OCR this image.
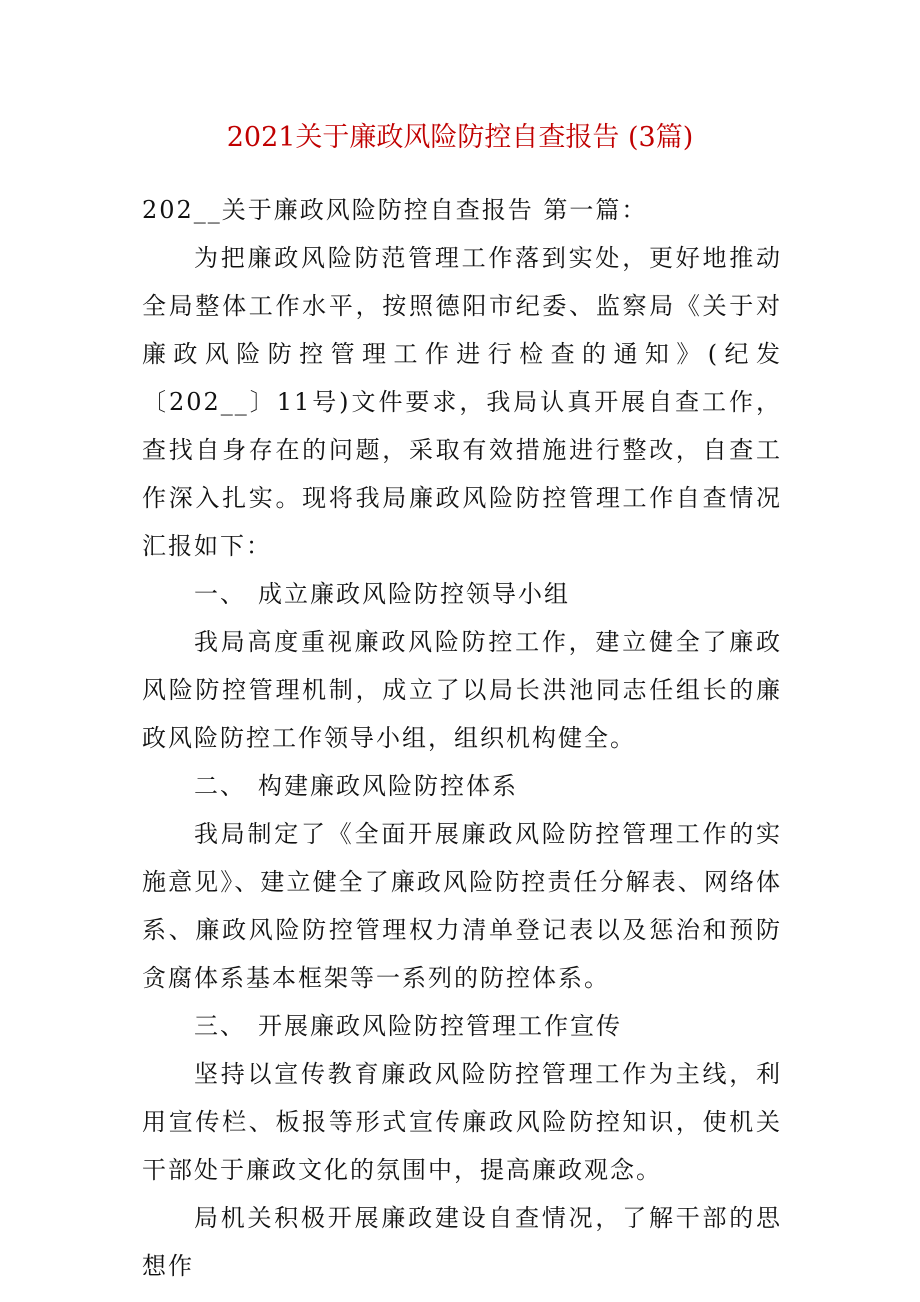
2021关于廉政风险防控自查报告 (3篇)

202__关于廉政风险防控自查报告 第一篇：

为把廉政风险防范管理工作落到实处，更好地推动全局整体工作水平，按照德阳市纪委、监察局《关于对廉政风险防控管理工作进行检查的通知》(纪发〔202__〕11号)文件要求，我局认真开展自查工作，查找自身存在的问题，采取有效措施进行整改，自查工作深入扎实。现将我局廉政风险防控管理工作自查情况汇报如下：

一、 成立廉政风险防控领导小组

我局高度重视廉政风险防控工作，建立健全了廉政风险防控管理机制，成立了以局长洪池同志任组长的廉政风险防控工作领导小组，组织机构健全。

二、 构建廉政风险防控体系

我局制定了《全面开展廉政风险防控管理工作的实施意见》、建立健全了廉政风险防控责任分解表、网络体系、廉政风险防控管理权力清单登记表以及惩治和预防贪腐体系基本框架等一系列的防控体系。

三、 开展廉政风险防控管理工作宣传

坚持以宣传教育廉政风险防控管理工作为主线，利用宣传栏、板报等形式宣传廉政风险防控知识，使机关干部处于廉政文化的氛围中，提高廉政观念。

局机关积极开展廉政建设自查情况，了解干部的思想作
